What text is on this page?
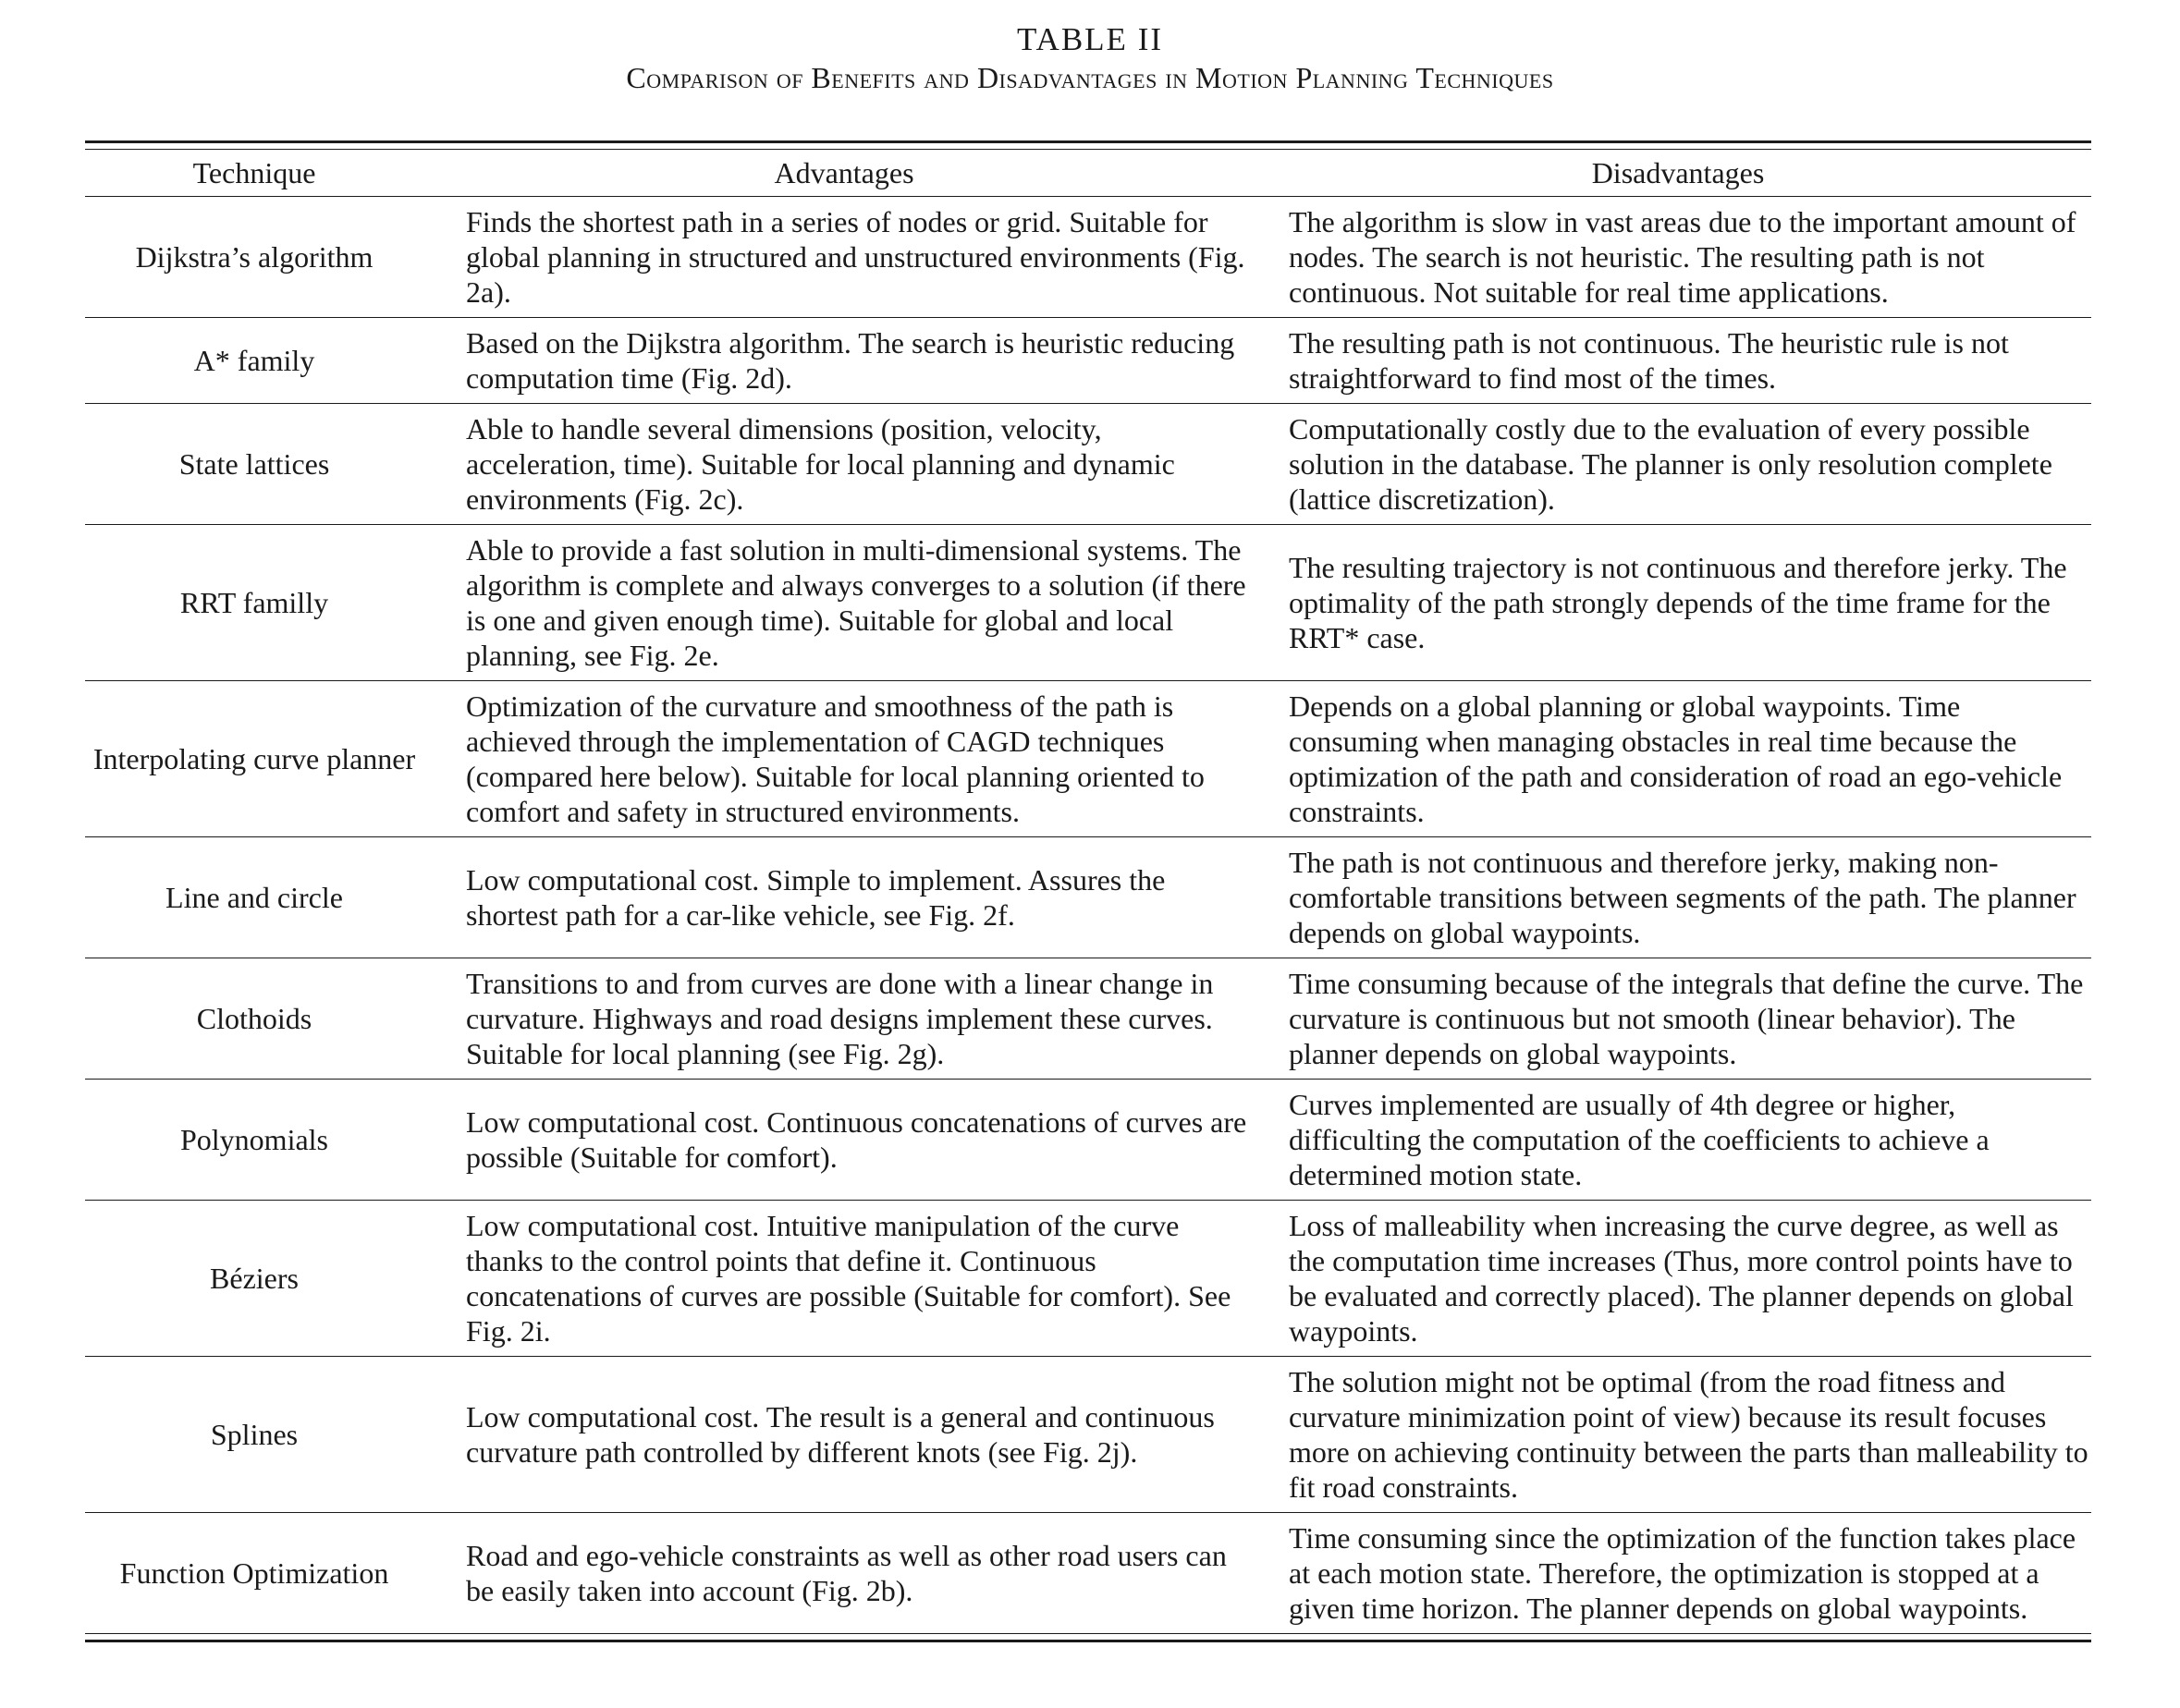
TABLE II
Comparison of Benefits and Disadvantages in Motion Planning Techniques
Technique	Advantages	Disadvantages
Dijkstra’s algorithm	Finds the shortest path in a series of nodes or grid. Suitable for global planning in structured and unstructured environments (Fig. 2a).	The algorithm is slow in vast areas due to the important amount of nodes. The search is not heuristic. The resulting path is not continuous. Not suitable for real time applications.
A* family	Based on the Dijkstra algorithm. The search is heuristic reducing computation time (Fig. 2d).	The resulting path is not continuous. The heuristic rule is not straightforward to find most of the times.
State lattices	Able to handle several dimensions (position, velocity, acceleration, time). Suitable for local planning and dynamic environments (Fig. 2c).	Computationally costly due to the evaluation of every possible solution in the database. The planner is only resolution complete (lattice discretization).
RRT familly	Able to provide a fast solution in multi-dimensional systems. The algorithm is complete and always converges to a solution (if there is one and given enough time). Suitable for global and local planning, see Fig. 2e.	The resulting trajectory is not continuous and therefore jerky. The optimality of the path strongly depends of the time frame for the RRT* case.
Interpolating curve planner	Optimization of the curvature and smoothness of the path is achieved through the implementation of CAGD techniques (compared here below). Suitable for local planning oriented to comfort and safety in structured environments.	Depends on a global planning or global waypoints. Time consuming when managing obstacles in real time because the optimization of the path and consideration of road an ego-vehicle constraints.
Line and circle	Low computational cost. Simple to implement. Assures the shortest path for a car-like vehicle, see Fig. 2f.	The path is not continuous and therefore jerky, making non-comfortable transitions between segments of the path. The planner depends on global waypoints.
Clothoids	Transitions to and from curves are done with a linear change in curvature. Highways and road designs implement these curves. Suitable for local planning (see Fig. 2g).	Time consuming because of the integrals that define the curve. The curvature is continuous but not smooth (linear behavior). The planner depends on global waypoints.
Polynomials	Low computational cost. Continuous concatenations of curves are possible (Suitable for comfort).	Curves implemented are usually of 4th degree or higher, difficulting the computation of the coefficients to achieve a determined motion state.
Béziers	Low computational cost. Intuitive manipulation of the curve thanks to the control points that define it. Continuous concatenations of curves are possible (Suitable for comfort). See Fig. 2i.	Loss of malleability when increasing the curve degree, as well as the computation time increases (Thus, more control points have to be evaluated and correctly placed). The planner depends on global waypoints.
Splines	Low computational cost. The result is a general and continuous curvature path controlled by different knots (see Fig. 2j).	The solution might not be optimal (from the road fitness and curvature minimization point of view) because its result focuses more on achieving continuity between the parts than malleability to fit road constraints.
Function Optimization	Road and ego-vehicle constraints as well as other road users can be easily taken into account (Fig. 2b).	Time consuming since the optimization of the function takes place at each motion state. Therefore, the optimization is stopped at a given time horizon. The planner depends on global waypoints.
